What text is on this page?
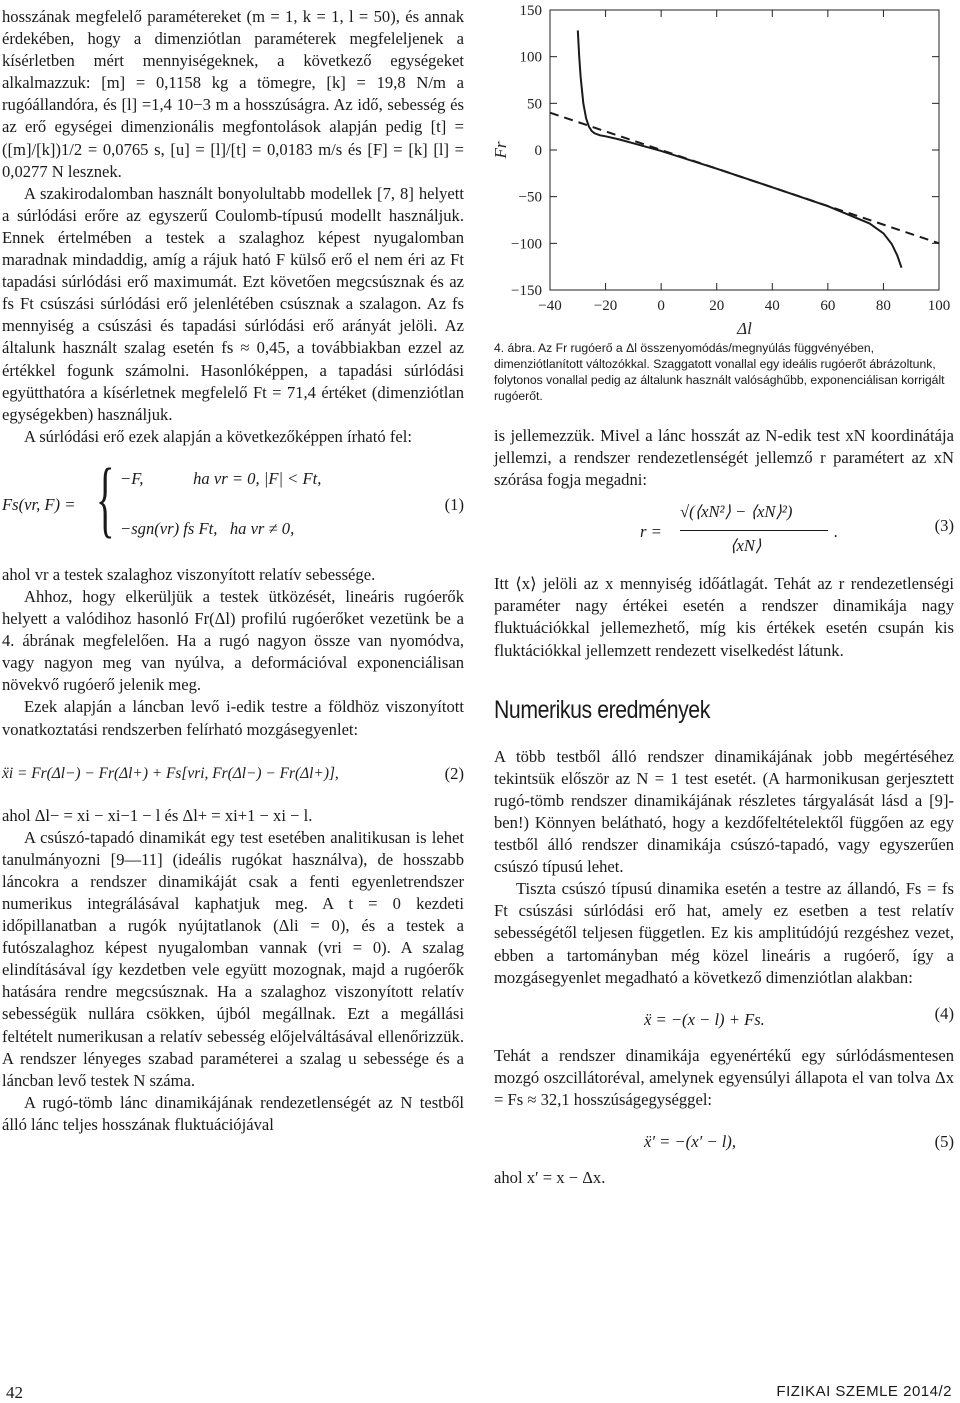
hosszának megfelelő paramétereket (m = 1, k = 1, l = 50), és annak érdekében, hogy a dimenziótlan paraméterek megfeleljenek a kísérletben mért mennyiségeknek, a következő egységeket alkalmazzuk: [m] = 0,1158 kg a tömegre, [k] = 19,8 N/m a rugóállandóra, és [l] =1,4 10−3 m a hosszúságra. Az idő, sebesség és az erő egységei dimenzionális megfontolások alapján pedig [t] = ([m]/[k])1/2 = 0,0765 s, [u] = [l]/[t] = 0,0183 m/s és [F] = [k] [l] = 0,0277 N lesznek.

A szakirodalomban használt bonyolultabb modellek [7, 8] helyett a súrlódási erőre az egyszerű Coulomb-típusú modellt használjuk. Ennek értelmében a testek a szalaghoz képest nyugalomban maradnak mindaddig, amíg a rájuk ható F külső erő el nem éri az Ft tapadási súrlódási erő maximumát. Ezt követően megcsúsznak és az fs Ft csúszási súrlódási erő jelenlétében csúsznak a szalagon. Az fs mennyiség a csúszási és tapadási súrlódási erő arányát jelöli. Az általunk használt szalag esetén fs ≈ 0,45, a továbbiakban ezzel az értékkel fogunk számolni. Hasonlóképpen, a tapadási súrlódási együtthatóra a kísérletnek megfelelő Ft = 71,4 értéket (dimenziótlan egységekben) használjuk.

A súrlódási erő ezek alapján a következőképpen írható fel:

Fs(vr, F) = { −F,            ha vr = 0, |F| < Ft,
−sgn(vr) fs Ft,   ha vr ≠ 0,
(1)

ahol vr a testek szalaghoz viszonyított relatív sebessége.

Ahhoz, hogy elkerüljük a testek ütközését, lineáris rugóerők helyett a valódihoz hasonló Fr(Δl) profilú rugóerőket vezetünk be a 4. ábrának megfelelően. Ha a rugó nagyon össze van nyomódva, vagy nagyon meg van nyúlva, a deformációval exponenciálisan növekvő rugóerő jelenik meg.

Ezek alapján a láncban levő i-edik testre a földhöz viszonyított vonatkoztatási rendszerben felírható mozgásegyenlet:

ẍi = Fr(Δl−) − Fr(Δl+) + Fs[vri, Fr(Δl−) − Fr(Δl+)],	(2)

ahol Δl− = xi − xi−1 − l és Δl+ = xi+1 − xi − l.

A csúszó-tapadó dinamikát egy test esetében analitikusan is lehet tanulmányozni [9—11] (ideális rugókat használva), de hosszabb láncokra a rendszer dinamikáját csak a fenti egyenletrendszer numerikus integrálásával kaphatjuk meg. A t = 0 kezdeti időpillanatban a rugók nyújtatlanok (Δli = 0), és a testek a futószalaghoz képest nyugalomban vannak (vri = 0). A szalag elindításával így kezdetben vele együtt mozognak, majd a rugóerők hatására rendre megcsúsznak. Ha a szalaghoz viszonyított relatív sebességük nullára csökken, újból megállnak. Ezt a megállási feltételt numerikusan a relatív sebesség előjelváltásával ellenőrizzük. A rendszer lényeges szabad paraméterei a szalag u sebessége és a láncban levő testek N száma.

A rugó-tömb lánc dinamikájának rendezetlenségét az N testből álló lánc teljes hosszának fluktuációjával

150
100
50
0
−50
−100
−150
−40 −20	0	20	40	60	80 100
Δl
Fr
4. ábra. Az Fr rugóerő a Δl összenyomódás/megnyúlás függvényében, dimenziótlanított változókkal. Szaggatott vonallal egy ideális rugóerőt ábrázoltunk, folytonos vonallal pedig az általunk használt valósághűbb, exponenciálisan korrigált rugóerőt.

is jellemezzük. Mivel a lánc hosszát az N-edik test xN koordinátája jellemzi, a rendszer rendezetlenségét jellemző r paramétert az xN szórása fogja megadni:

r =
√(⟨xN²⟩ − ⟨xN⟩²)
⟨xN⟩
.	(3)

Itt ⟨x⟩ jelöli az x mennyiség időátlagát. Tehát az r rendezetlenségi paraméter nagy értékei esetén a rendszer dinamikája nagy fluktuációkkal jellemezhető, míg kis értékek esetén csupán kis fluktációkkal jellemzett rendezett viselkedést látunk.

Numerikus eredmények

A több testből álló rendszer dinamikájának jobb megértéséhez tekintsük először az N = 1 test esetét. (A harmonikusan gerjesztett rugó-tömb rendszer dinamikájának részletes tárgyalását lásd a [9]-ben!) Könnyen belátható, hogy a kezdőfeltételektől függően az egy testből álló rendszer dinamikája csúszó-tapadó, vagy egyszerűen csúszó típusú lehet.

Tiszta csúszó típusú dinamika esetén a testre az állandó, Fs = fs Ft csúszási súrlódási erő hat, amely ez esetben a test relatív sebességétől teljesen független. Ez kis amplitúdójú rezgéshez vezet, ebben a tartományban még közel lineáris a rugóerő, így a mozgásegyenlet megadható a következő dimenziótlan alakban:

ẍ = −(x − l) + Fs.	(4)

Tehát a rendszer dinamikája egyenértékű egy súrlódásmentesen mozgó oszcillátoréval, amelynek egyensúlyi állapota el van tolva Δx = Fs ≈ 32,1 hosszúságegységgel:

ẍ′ = −(x′ − l),	(5)

ahol x′ = x − Δx.

42	FIZIKAI SZEMLE 2014/2
